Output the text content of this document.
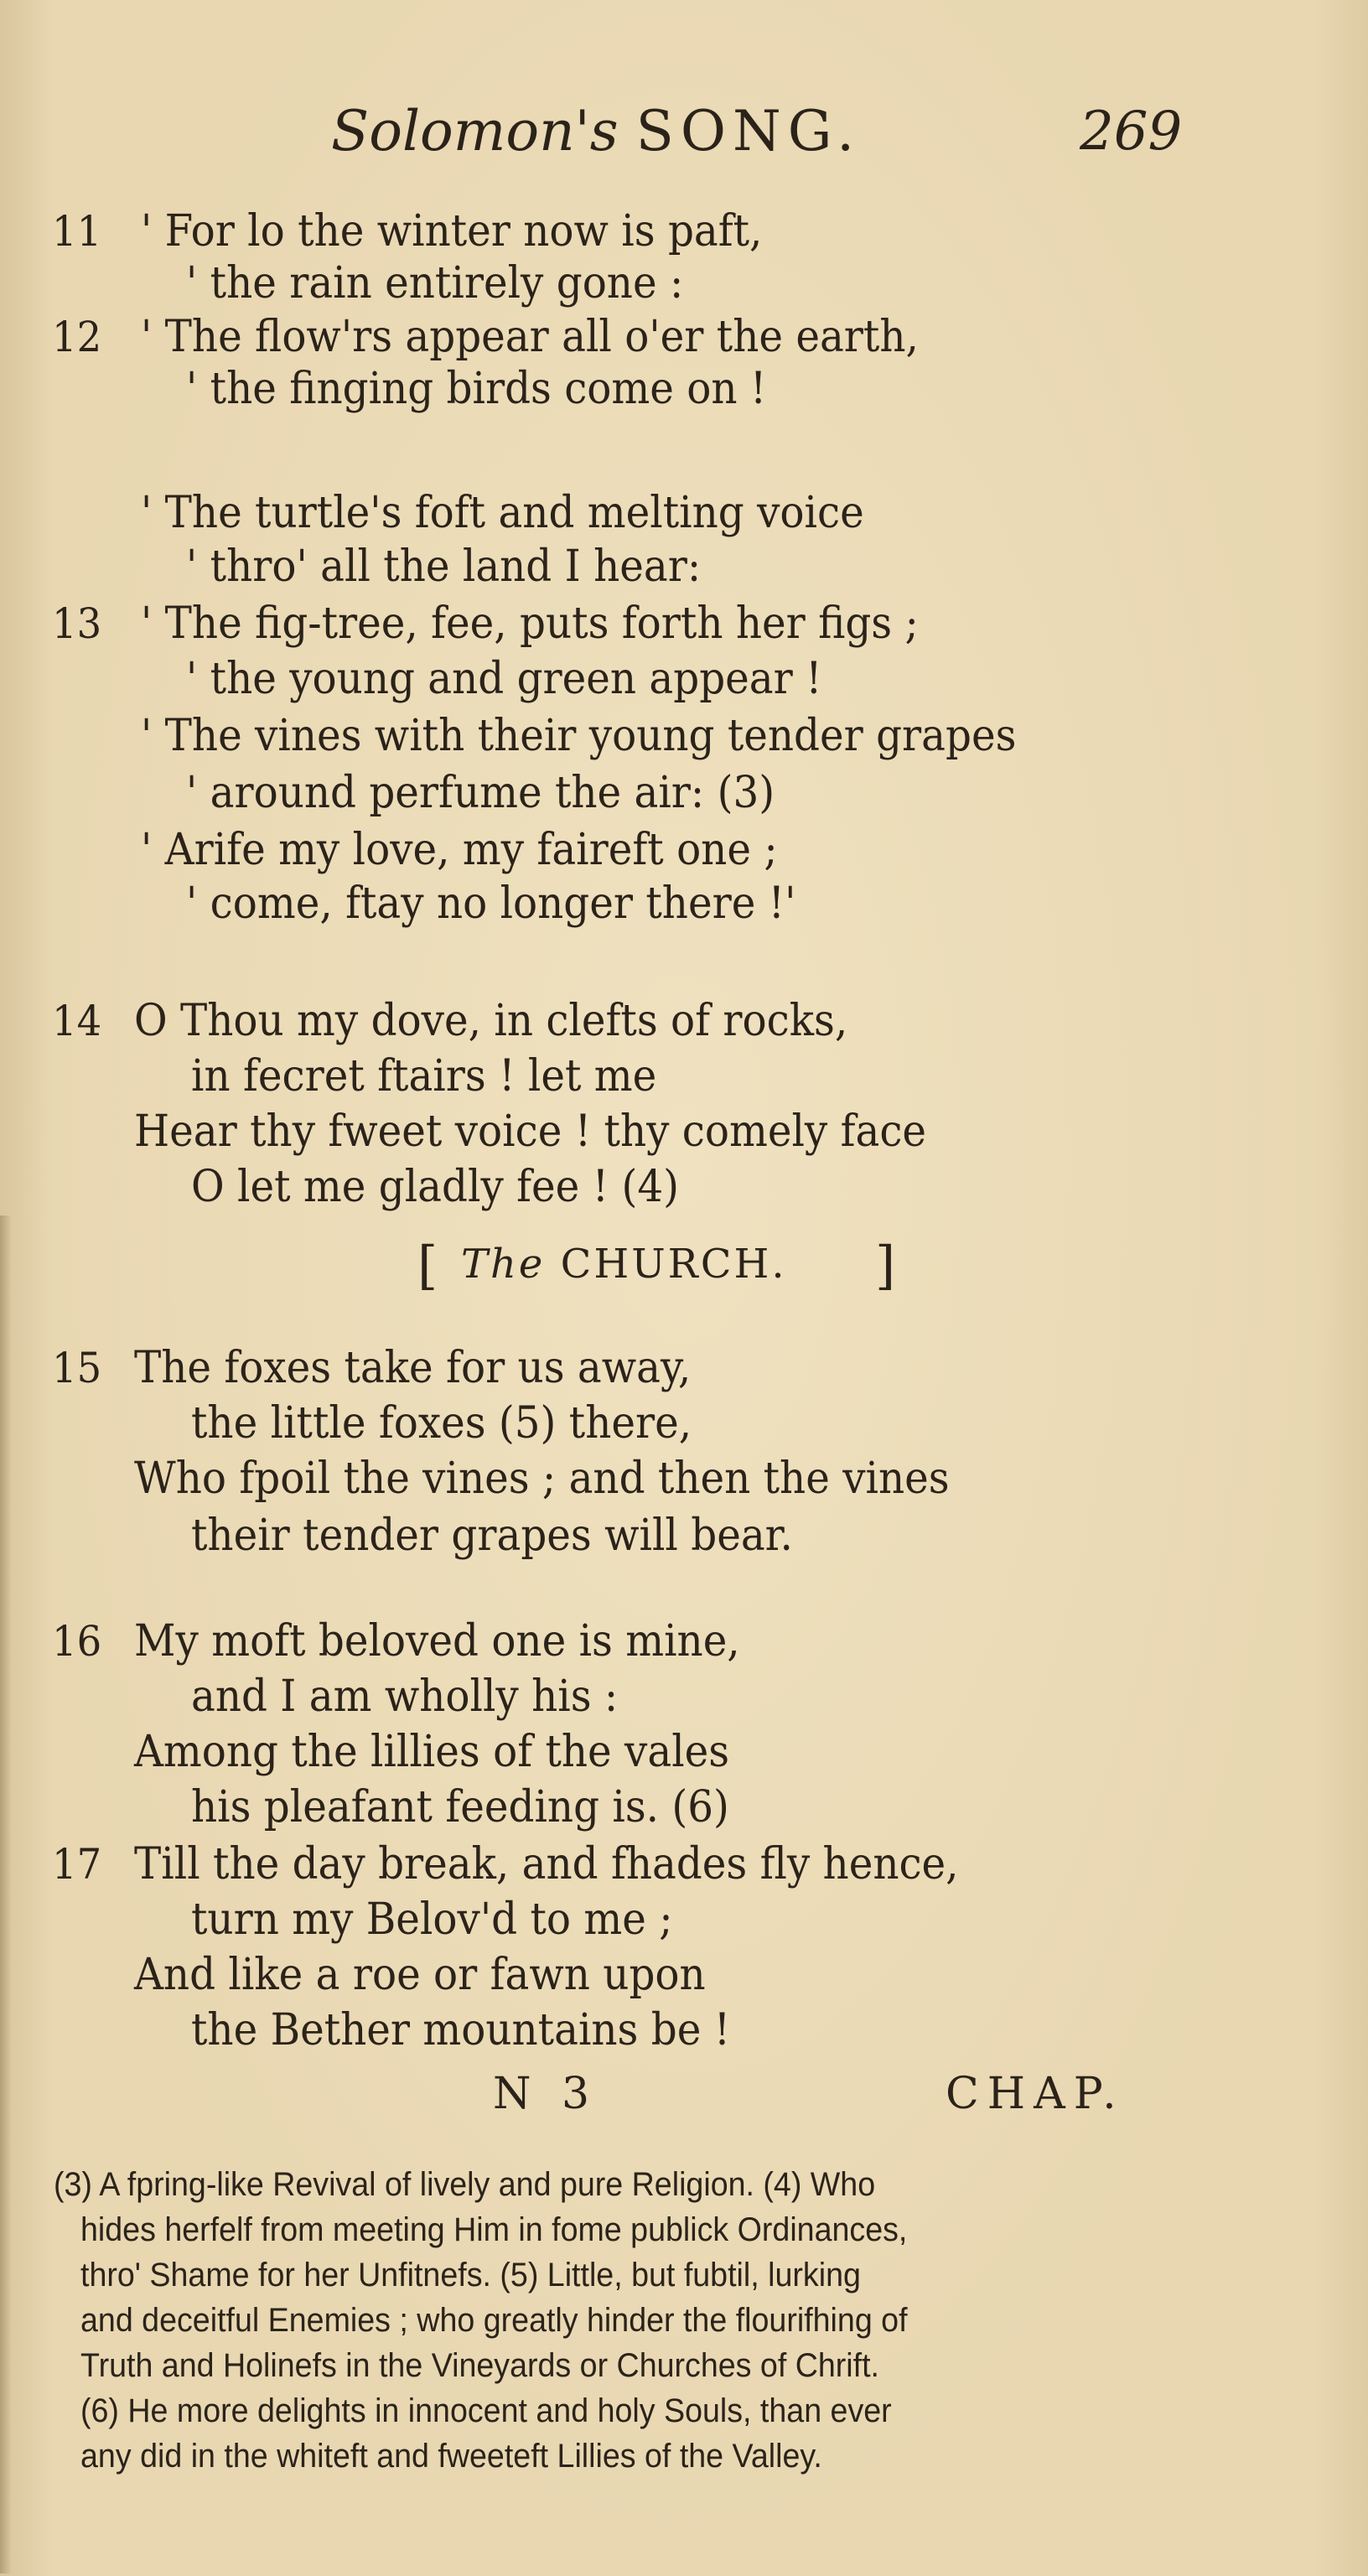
Solomon's SONG.	269
11 ' For lo the winter now is paft,
' the rain entirely gone :
12 ' The flow'rs appear all o'er the earth,
' the finging birds come on !
' The turtle's foft and melting voice
' thro' all the land I hear:
13 ' The fig-tree, fee, puts forth her figs ;
' the young and green appear !
' The vines with their young tender grapes
' around perfume the air: (3)
' Arife my love, my faireft one ;
' come, ftay no longer there !'
14 O Thou my dove, in clefts of rocks,
in fecret ftairs ! let me
Hear thy fweet voice ! thy comely face
O let me gladly fee ! (4)
[ The CHURCH. ]
15 The foxes take for us away,
the little foxes (5) there,
Who fpoil the vines ; and then the vines
their tender grapes will bear.
16 My moft beloved one is mine,
and I am wholly his :
Among the lillies of the vales
his pleafant feeding is. (6)
17 Till the day break, and fhades fly hence,
turn my Belov'd to me ;
And like a roe or fawn upon
the Bether mountains be !
N 3	CHAP.
(3) A fpring-like Revival of lively and pure Religion. (4) Who
hides herfelf from meeting Him in fome publick Ordinances,
thro' Shame for her Unfitnefs. (5) Little, but fubtil, lurking
and deceitful Enemies ; who greatly hinder the flourifhing of
Truth and Holinefs in the Vineyards or Churches of Chrift.
(6) He more delights in innocent and holy Souls, than ever
any did in the whiteft and fweeteft Lillies of the Valley.
